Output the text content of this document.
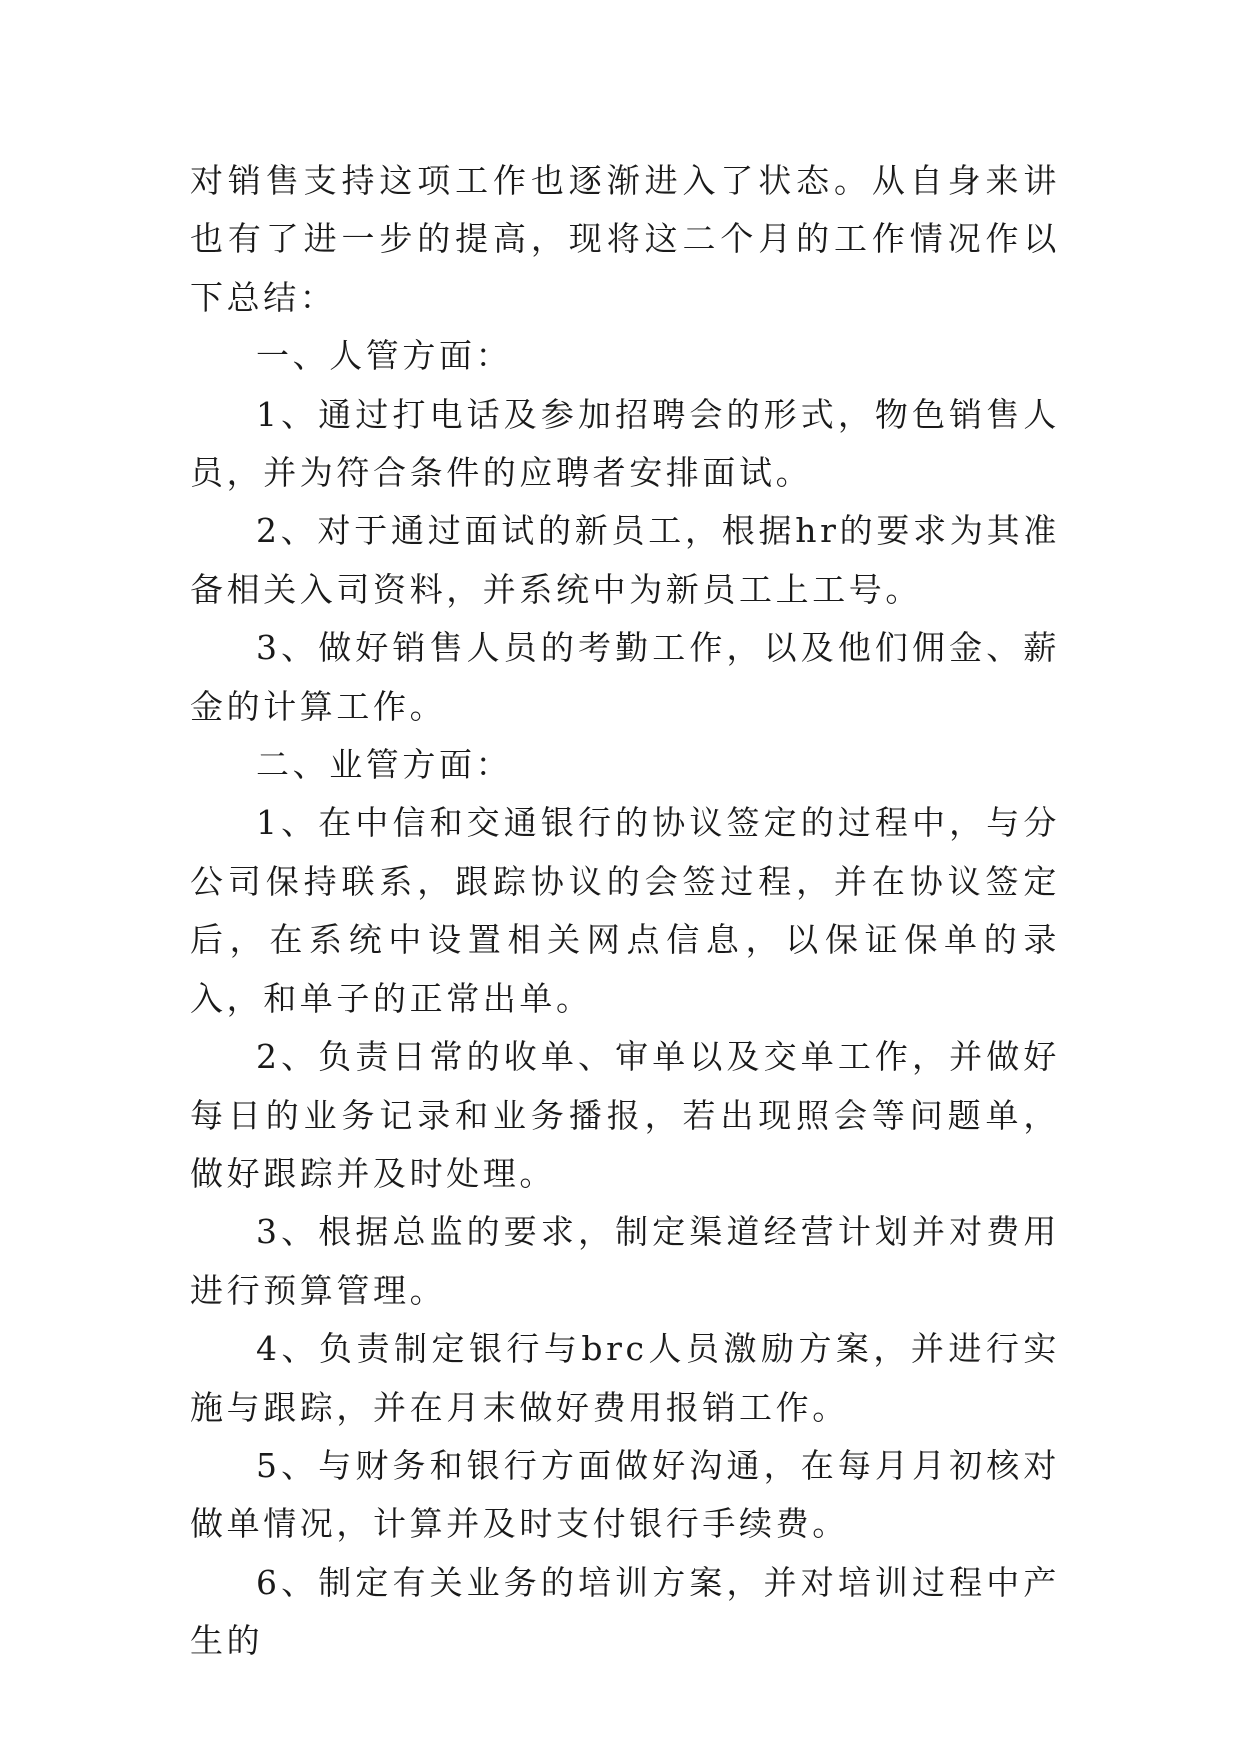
对销售支持这项工作也逐渐进入了状态。从自身来讲也有了进一步的提高，现将这二个月的工作情况作以下总结：

一、人管方面：

1、通过打电话及参加招聘会的形式，物色销售人员，并为符合条件的应聘者安排面试。

2、对于通过面试的新员工，根据hr的要求为其准备相关入司资料，并系统中为新员工上工号。

3、做好销售人员的考勤工作，以及他们佣金、薪金的计算工作。

二、业管方面：

1、在中信和交通银行的协议签定的过程中，与分公司保持联系，跟踪协议的会签过程，并在协议签定后，在系统中设置相关网点信息，以保证保单的录入，和单子的正常出单。

2、负责日常的收单、审单以及交单工作，并做好每日的业务记录和业务播报，若出现照会等问题单，做好跟踪并及时处理。

3、根据总监的要求，制定渠道经营计划并对费用进行预算管理。

4、负责制定银行与brc人员激励方案，并进行实施与跟踪，并在月末做好费用报销工作。

5、与财务和银行方面做好沟通，在每月月初核对做单情况，计算并及时支付银行手续费。

6、制定有关业务的培训方案，并对培训过程中产生的
